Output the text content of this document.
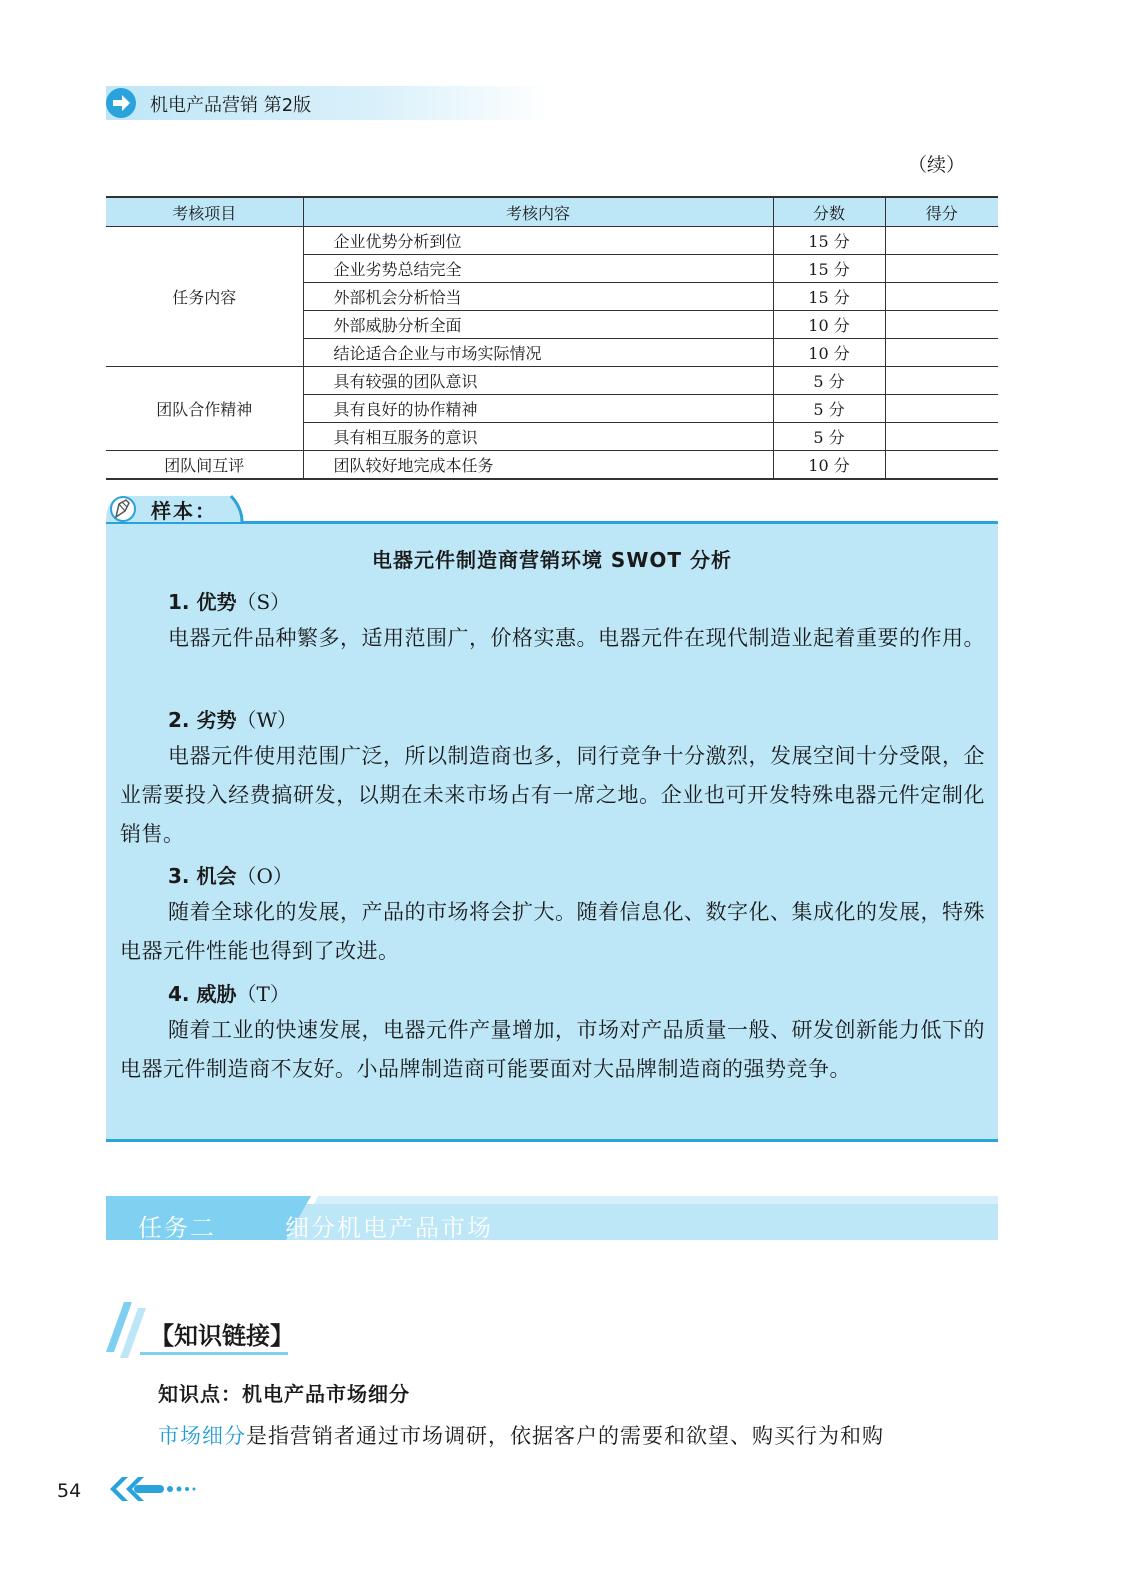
机电产品营销 第2版
（续）
考核项目	考核内容	分数	得分
任务内容	企业优势分析到位	15 分	
	企业劣势总结完全	15 分	
	外部机会分析恰当	15 分	
	外部威胁分析全面	10 分	
	结论适合企业与市场实际情况	10 分	
团队合作精神	具有较强的团队意识	5 分	
	具有良好的协作精神	5 分	
	具有相互服务的意识	5 分	
团队间互评	团队较好地完成本任务	10 分	
样本：
电器元件制造商营销环境 SWOT 分析
1. 优势（S）
电器元件品种繁多，适用范围广，价格实惠。电器元件在现代制造业起着重要的作用。
2. 劣势（W）
电器元件使用范围广泛，所以制造商也多，同行竞争十分激烈，发展空间十分受限，企业需要投入经费搞研发，以期在未来市场占有一席之地。企业也可开发特殊电器元件定制化销售。
3. 机会（O）
随着全球化的发展，产品的市场将会扩大。随着信息化、数字化、集成化的发展，特殊电器元件性能也得到了改进。
4. 威胁（T）
随着工业的快速发展，电器元件产量增加，市场对产品质量一般、研发创新能力低下的电器元件制造商不友好。小品牌制造商可能要面对大品牌制造商的强势竞争。
任务二	细分机电产品市场
【知识链接】
知识点：机电产品市场细分
市场细分是指营销者通过市场调研，依据客户的需要和欲望、购买行为和购
54
